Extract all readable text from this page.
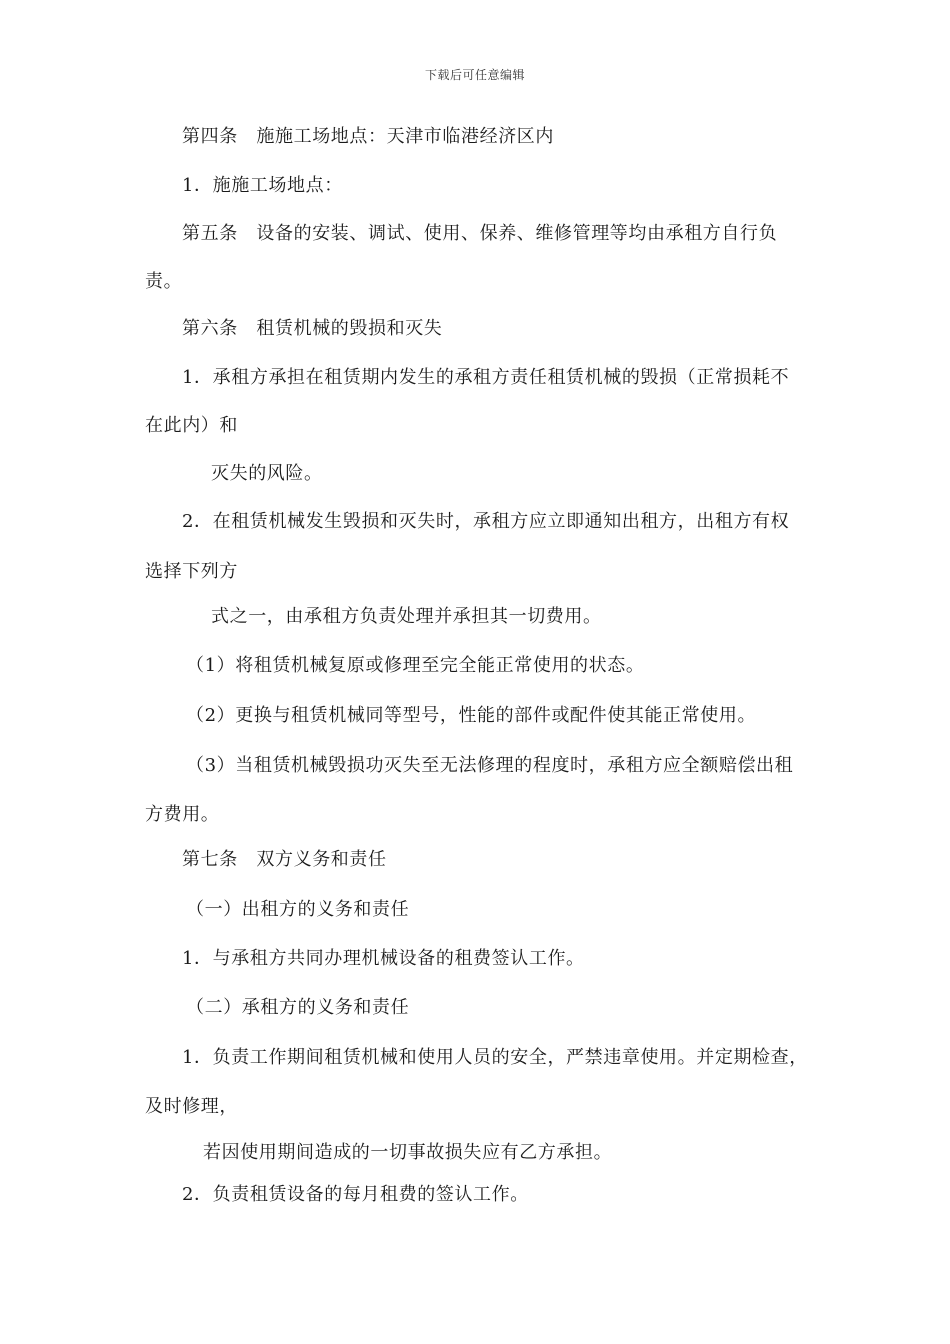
下载后可任意编辑
第四条　施施工场地点：天津市临港经济区内
1．施施工场地点：
第五条　设备的安装、调试、使用、保养、维修管理等均由承租方自行负
责。
第六条　租赁机械的毁损和灭失
1．承租方承担在租赁期内发生的承租方责任租赁机械的毁损（正常损耗不
在此内）和
灭失的风险。
2．在租赁机械发生毁损和灭失时，承租方应立即通知出租方，出租方有权
选择下列方
式之一，由承租方负责处理并承担其一切费用。
（1）将租赁机械复原或修理至完全能正常使用的状态。
（2）更换与租赁机械同等型号，性能的部件或配件使其能正常使用。
（3）当租赁机械毁损功灭失至无法修理的程度时，承租方应全额赔偿出租
方费用。
第七条　双方义务和责任
（一）出租方的义务和责任
1．与承租方共同办理机械设备的租费签认工作。
（二）承租方的义务和责任
1．负责工作期间租赁机械和使用人员的安全，严禁违章使用。并定期检查，
及时修理，
若因使用期间造成的一切事故损失应有乙方承担。
2．负责租赁设备的每月租费的签认工作。
